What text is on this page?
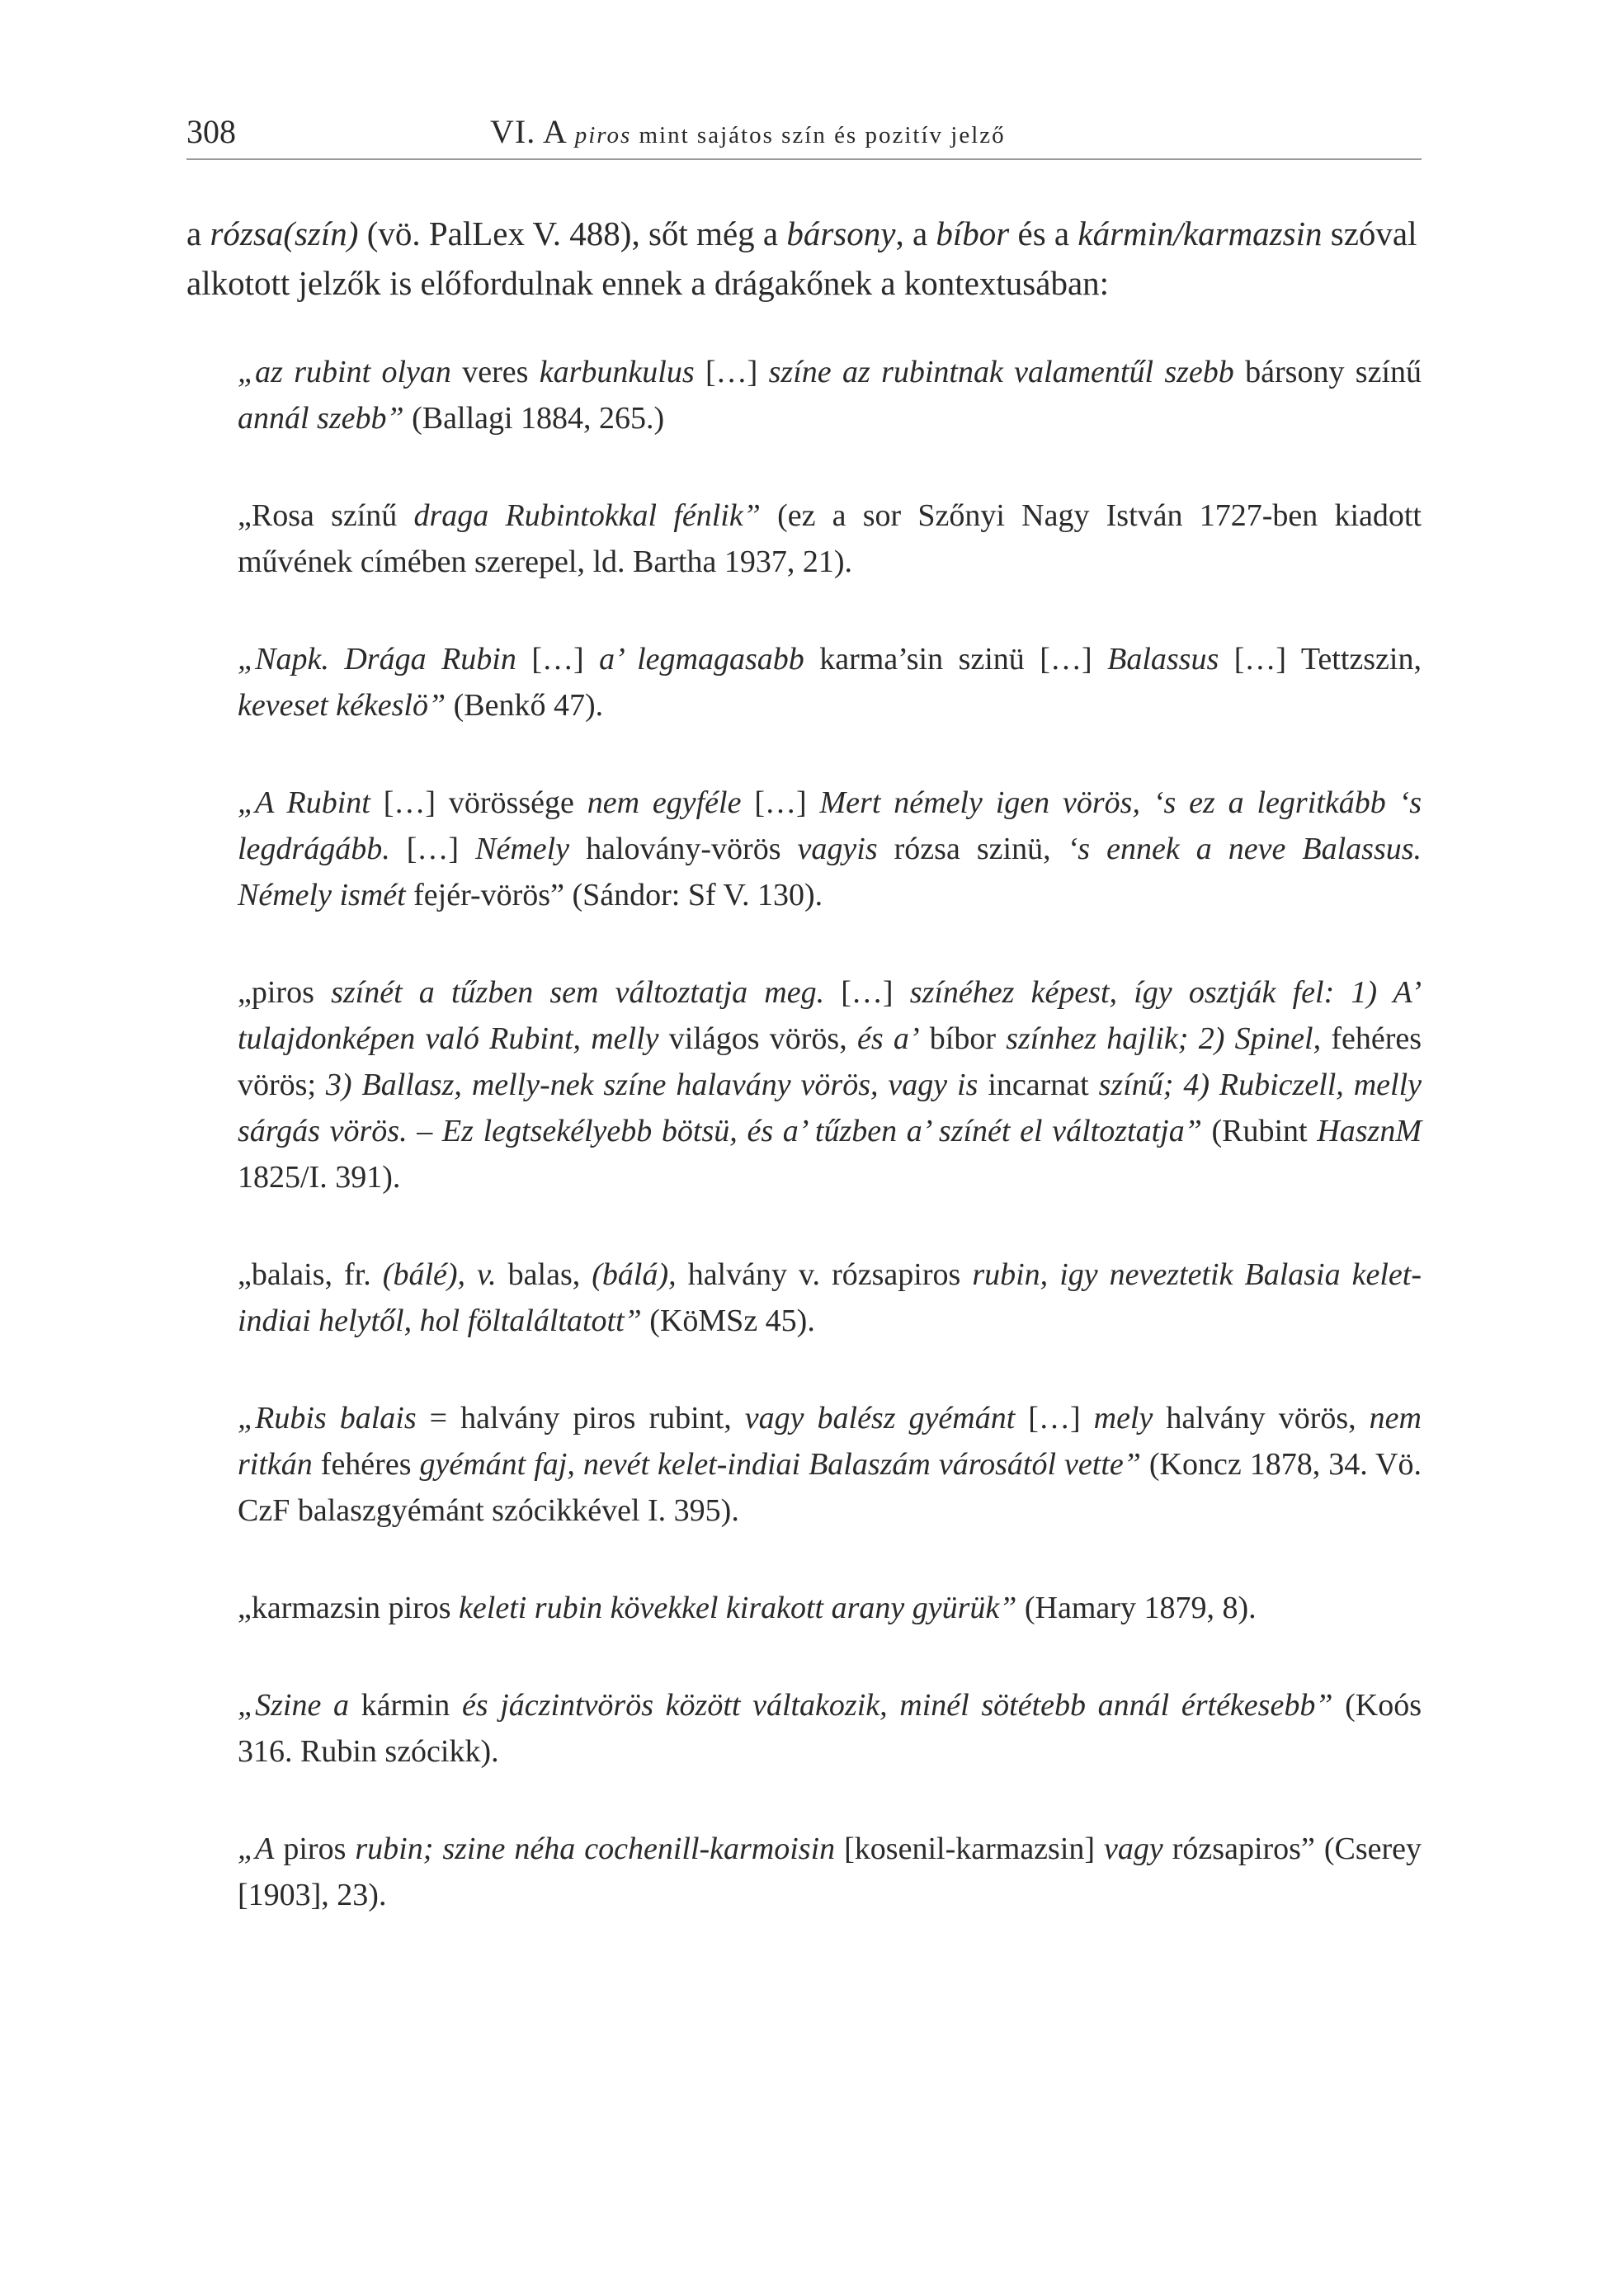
308	VI. A piros mint sajátos szín és pozitív jelző

a rózsa(szín) (vö. PalLex V. 488), sőt még a bársony, a bíbor és a kármin/karmazsin szóval alkotott jelzők is előfordulnak ennek a drágakőnek a kontextusában:

„az rubint olyan veres karbunkulus […] színe az rubintnak valamentűl szebb bársony színű annál szebb” (Ballagi 1884, 265.)

„Rosa színű draga Rubintokkal fénlik” (ez a sor Szőnyi Nagy István 1727-ben kiadott művének címében szerepel, ld. Bartha 1937, 21).

„Napk. Drága Rubin […] a’ legmagasabb karma’sin szinü […] Balassus […] Tettzszin, keveset kékeslö” (Benkő 47).

„A Rubint […] vörössége nem egyféle […] Mert némely igen vörös, ‘s ez a legritkább ‘s legdrágább. […] Némely halovány-vörös vagyis rózsa szinü, ‘s ennek a neve Balassus. Némely ismét fejér-vörös” (Sándor: Sf V. 130).

„piros színét a tűzben sem változtatja meg. […] színéhez képest, így osztják fel: 1) A’ tulajdonképen való Rubint, melly világos vörös, és a’ bíbor színhez hajlik; 2) Spinel, fehéres vörös; 3) Ballasz, melly-nek színe halavány vörös, vagy is incarnat színű; 4) Rubiczell, melly sárgás vörös. – Ez legtsekélyebb bötsü, és a’ tűzben a’ színét el változtatja” (Rubint HasznM 1825/I. 391).

„balais, fr. (bálé), v. balas, (bálá), halvány v. rózsapiros rubin, igy neveztetik Balasia kelet-indiai helytől, hol föltaláltatott” (KöMSz 45).

„Rubis balais = halvány piros rubint, vagy balész gyémánt […] mely halvány vörös, nem ritkán fehéres gyémánt faj, nevét kelet-indiai Balaszám városától vette” (Koncz 1878, 34. Vö. CzF balaszgyémánt szócikkével I. 395).

„karmazsin piros keleti rubin kövekkel kirakott arany gyürük” (Hamary 1879, 8).

„Szine a kármin és jáczintvörös között váltakozik, minél sötétebb annál értékesebb” (Koós 316. Rubin szócikk).

„A piros rubin; szine néha cochenill-karmoisin [kosenil-karmazsin] vagy rózsapiros” (Cserey [1903], 23).
